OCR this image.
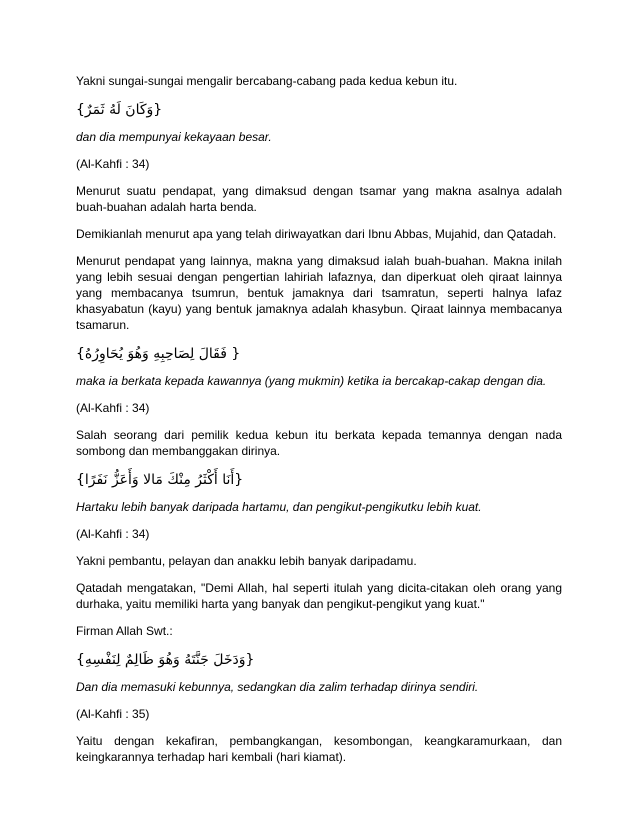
Yakni sungai-sungai mengalir bercabang-cabang pada kedua kebun itu.

{وَكَانَ لَهُ ثَمَرٌ}

dan dia mempunyai kekayaan besar.

(Al-Kahfi : 34)

Menurut suatu pendapat, yang dimaksud dengan tsamar yang makna asalnya adalah buah-buahan adalah harta benda.

Demikianlah menurut apa yang telah diriwayatkan dari Ibnu Abbas, Mujahid, dan Qatadah.

Menurut pendapat yang lainnya, makna yang dimaksud ialah buah-buahan. Makna inilah yang lebih sesuai dengan pengertian lahiriah lafaznya, dan diperkuat oleh qiraat lainnya yang membacanya tsumrun, bentuk jamaknya dari tsamratun, seperti halnya lafaz khasyabatun (kayu) yang bentuk jamaknya adalah khasybun. Qiraat lainnya membacanya tsamarun.

{ فَقَالَ لِصَاحِبِهِ وَهُوَ يُحَاوِرُهُ}

maka ia berkata kepada kawannya (yang mukmin) ketika ia bercakap-cakap dengan dia.

(Al-Kahfi : 34)

Salah seorang dari pemilik kedua kebun itu berkata kepada temannya dengan nada sombong dan membanggakan dirinya.

{أَنَا أَكْثَرُ مِنْكَ مَالا وَأَعَزُّ نَفَرًا}

Hartaku lebih banyak daripada hartamu, dan pengikut-pengikutku lebih kuat.

(Al-Kahfi : 34)

Yakni pembantu, pelayan dan anakku lebih banyak daripadamu.

Qatadah mengatakan, "Demi Allah, hal seperti itulah yang dicita-citakan oleh orang yang durhaka, yaitu memiliki harta yang banyak dan pengikut-pengikut yang kuat."

Firman Allah Swt.:

{وَدَخَلَ جَنَّتَهُ وَهُوَ ظَالِمٌ لِنَفْسِهِ}

Dan dia memasuki kebunnya, sedangkan dia zalim terhadap dirinya sendiri.

(Al-Kahfi : 35)

Yaitu dengan kekafiran, pembangkangan, kesombongan, keangkaramurkaan, dan keingkarannya terhadap hari kembali (hari kiamat).
